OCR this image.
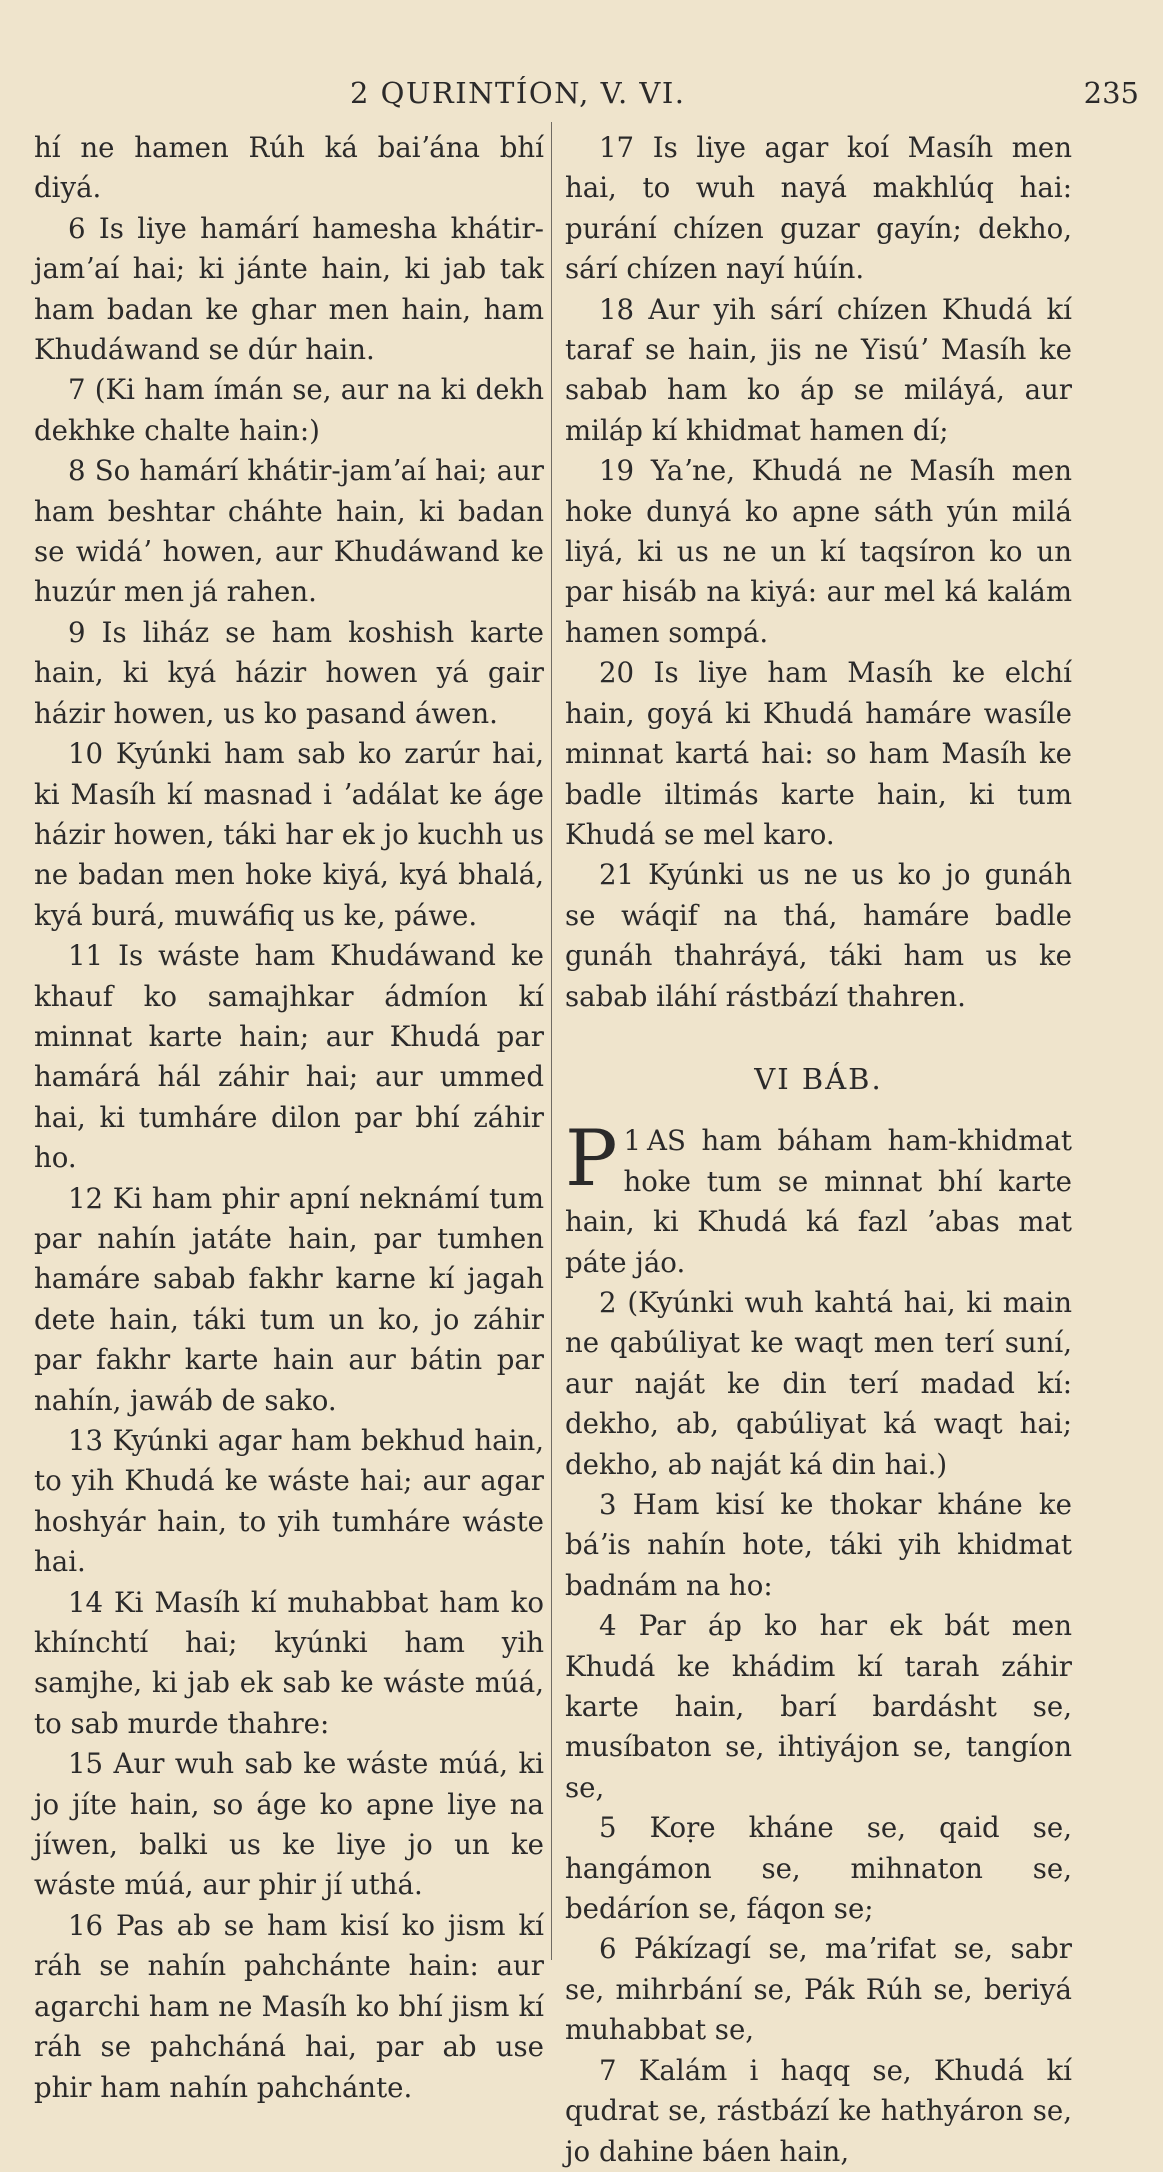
2 QURINTÍON, V. VI.	235

hí ne hamen Rúh ká baiʼána bhí diyá.

6 Is liye hamárí hamesha khátir-jamʼaí hai; ki jánte hain, ki jab tak ham badan ke ghar men hain, ham Khudáwand se dúr hain.

7 (Ki ham ímán se, aur na ki dekh dekhke chalte hain:)

8 So hamárí khátir-jamʼaí hai; aur ham beshtar cháhte hain, ki badan se widáʼ howen, aur Khudáwand ke huzúr men já rahen.

9 Is liház se ham koshish karte hain, ki kyá házir howen yá gair házir howen, us ko pasand áwen.

10 Kyúnki ham sab ko zarúr hai, ki Masíh kí masnad i ʼadálat ke áge házir howen, táki har ek jo kuchh us ne badan men hoke kiyá, kyá bhalá, kyá burá, muwáfiq us ke, páwe.

11 Is wáste ham Khudáwand ke khauf ko samajhkar ádmíon kí minnat karte hain; aur Khudá par hamárá hál záhir hai; aur ummed hai, ki tumháre dilon par bhí záhir ho.

12 Ki ham phir apní neknámí tum par nahín jatáte hain, par tumhen hamáre sabab fakhr karne kí jagah dete hain, táki tum un ko, jo záhir par fakhr karte hain aur bátin par nahín, jawáb de sako.

13 Kyúnki agar ham bekhud hain, to yih Khudá ke wáste hai; aur agar hoshyár hain, to yih tumháre wáste hai.

14 Ki Masíh kí muhabbat ham ko khínchtí hai; kyúnki ham yih samjhe, ki jab ek sab ke wáste múá, to sab murde thahre:

15 Aur wuh sab ke wáste múá, ki jo jíte hain, so áge ko apne liye na jíwen, balki us ke liye jo un ke wáste múá, aur phir jí uthá.

16 Pas ab se ham kisí ko jism kí ráh se nahín pahchánte hain: aur agarchi ham ne Masíh ko bhí jism kí ráh se pahcháná hai, par ab use phir ham nahín pahchánte.

17 Is liye agar koí Masíh men hai, to wuh nayá makhlúq hai: purání chízen guzar gayín; dekho, sárí chízen nayí húín.

18 Aur yih sárí chízen Khudá kí taraf se hain, jis ne Yisúʼ Masíh ke sabab ham ko áp se miláyá, aur miláp kí khidmat hamen dí;

19 Yaʼne, Khudá ne Masíh men hoke dunyá ko apne sáth yún milá liyá, ki us ne un kí taqsíron ko un par hisáb na kiyá: aur mel ká kalám hamen sompá.

20 Is liye ham Masíh ke elchí hain, goyá ki Khudá hamáre wasíle minnat kartá hai: so ham Masíh ke badle iltimás karte hain, ki tum Khudá se mel karo.

21 Kyúnki us ne us ko jo gunáh se wáqif na thá, hamáre badle gunáh thahráyá, táki ham us ke sabab iláhí rástbází thahren.

VI BÁB.

1
P AS ham báham ham-khidmat hoke tum se minnat bhí karte hain, ki Khudá ká fazl ʼabas mat páte jáo.

2 (Kyúnki wuh kahtá hai, ki main ne qabúliyat ke waqt men terí suní, aur naját ke din terí madad kí: dekho, ab, qabúliyat ká waqt hai; dekho, ab naját ká din hai.)

3 Ham kisí ke thokar kháne ke báʼis nahín hote, táki yih khidmat badnám na ho:

4 Par áp ko har ek bát men Khudá ke khádim kí tarah záhir karte hain, barí bardásht se, musíbaton se, ihtiyájon se, tangíon se,

5 Koṛe kháne se, qaid se, hangámon se, mihnaton se, bedáríon se, fáqon se;

6 Pákízagí se, maʼrifat se, sabr se, mihrbání se, Pák Rúh se, beriyá muhabbat se,

7 Kalám i haqq se, Khudá kí qudrat se, rástbází ke hathyáron se, jo dahine báen hain,
